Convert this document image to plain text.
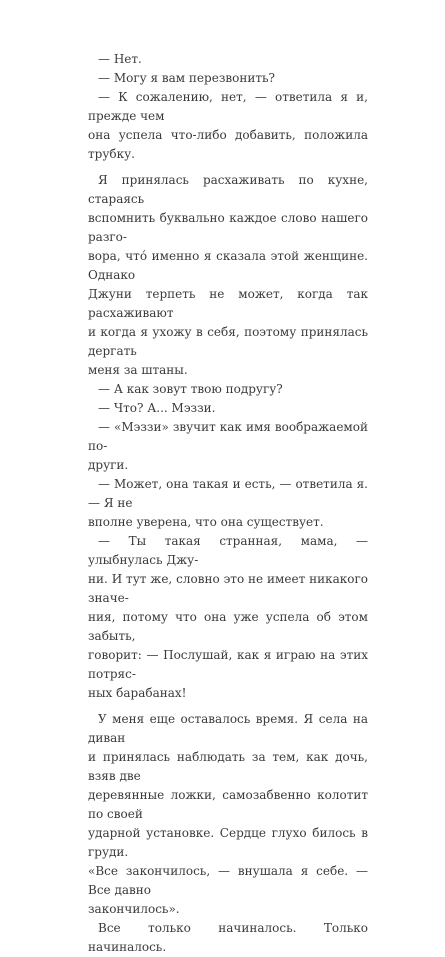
— Нет.

— Могу я вам перезвонить?

— К сожалению, нет, — ответила я и, прежде чем
она успела что-либо добавить, положила трубку.

Я принялась расхаживать по кухне, стараясь
вспомнить буквально каждое слово нашего разго-
вора, что́ именно я сказала этой женщине. Однако
Джуни терпеть не может, когда так расхаживают
и когда я ухожу в себя, поэтому принялась дергать
меня за штаны.

— А как зовут твою подругу?

— Что? А... Мэззи.

— «Мэззи» звучит как имя воображаемой по-
други.

— Может, она такая и есть, — ответила я. — Я не
вполне уверена, что она существует.

— Ты такая странная, мама, — улыбнулась Джу-
ни. И тут же, словно это не имеет никакого значе-
ния, потому что она уже успела об этом забыть,
говорит: — Послушай, как я играю на этих потряс-
ных барабанах!

У меня еще оставалось время. Я села на диван
и принялась наблюдать за тем, как дочь, взяв две
деревянные ложки, самозабвенно колотит по своей
ударной установке. Сердце глухо билось в груди.
«Все закончилось, — внушала я себе. — Все давно
закончилось».

Все только начиналось. Только начиналось.
